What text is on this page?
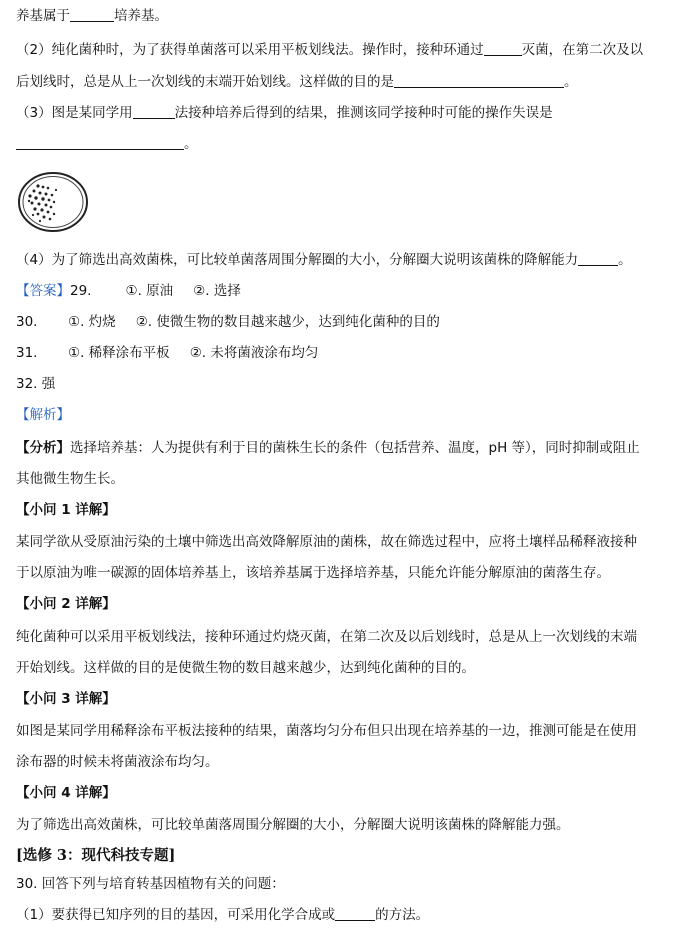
养基属于	培养基。
（2）纯化菌种时，为了获得单菌落可以采用平板划线法。操作时，接种环通过	灭菌，在第二次及以
后划线时，总是从上一次划线的末端开始划线。这样做的目的是	。
（3）图是某同学用	法接种培养后得到的结果，推测该同学接种时可能的操作失误是
。
（4）为了筛选出高效菌株，可比较单菌落周围分解圈的大小，分解圈大说明该菌株的降解能力	。
【答案】29.	①. 原油 ②. 选择
30. ①. 灼烧 ②. 使微生物的数目越来越少，达到纯化菌种的目的
31. ①. 稀释涂布平板 ②. 未将菌液涂布均匀
32. 强
【解析】
【分析】选择培养基：人为提供有利于目的菌株生长的条件（包括营养、温度，pH 等），同时抑制或阻止
其他微生物生长。
【小问 1 详解】
某同学欲从受原油污染的土壤中筛选出高效降解原油的菌株，故在筛选过程中，应将土壤样品稀释液接种
于以原油为唯一碳源的固体培养基上，该培养基属于选择培养基，只能允许能分解原油的菌落生存。
【小问 2 详解】
纯化菌种可以采用平板划线法，接种环通过灼烧灭菌，在第二次及以后划线时，总是从上一次划线的末端
开始划线。这样做的目的是使微生物的数目越来越少，达到纯化菌种的目的。
【小问 3 详解】
如图是某同学用稀释涂布平板法接种的结果，菌落均匀分布但只出现在培养基的一边，推测可能是在使用
涂布器的时候未将菌液涂布均匀。
【小问 4 详解】
为了筛选出高效菌株，可比较单菌落周围分解圈的大小，分解圈大说明该菌株的降解能力强。
[选修 3：现代科技专题]
30. 回答下列与培育转基因植物有关的问题：
（1）要获得已知序列的目的基因，可采用化学合成或	的方法。
